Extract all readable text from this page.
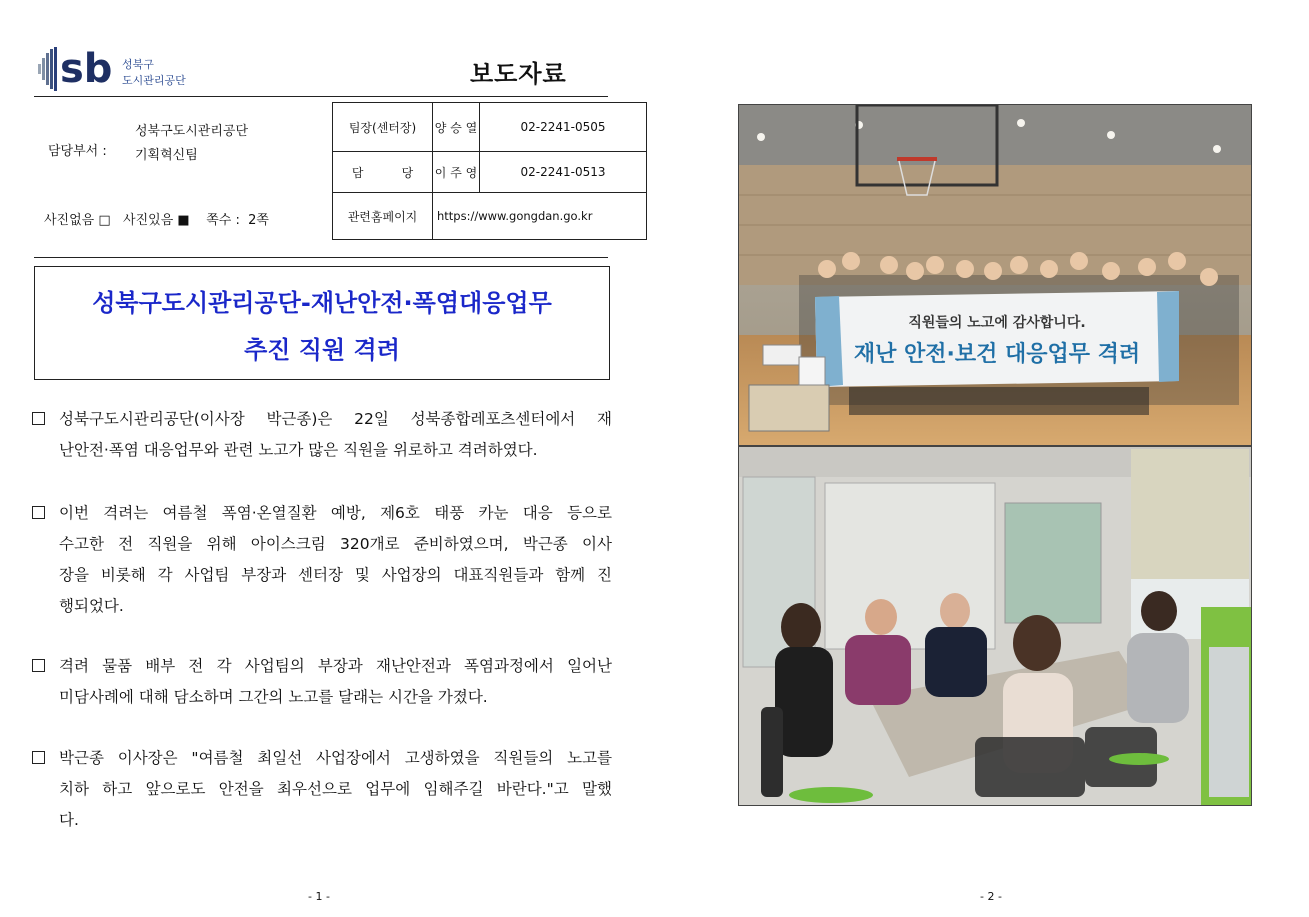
sb 성북구
도시관리공단	보도자료
담당부서 :
성북구도시관리공단
기획혁신팀
사진없음 □   사진있음 ■    쪽수 :  2쪽
팀장(센터장)	양 승 열	02-2241-0505
담          당	이 주 영	02-2241-0513
관련홈페이지	https://www.gongdan.go.kr	
성북구도시관리공단-재난안전·폭염대응업무
추진 직원 격려
성북구도시관리공단(이사장 박근종)은 22일 성북종합레포츠센터에서 재
난안전·폭염 대응업무와 관련 노고가 많은 직원을 위로하고 격려하였다.
이번 격려는 여름철 폭염·온열질환 예방, 제6호 태풍 카눈 대응 등으로
수고한 전 직원을 위해 아이스크림 320개로 준비하였으며, 박근종 이사
장을 비롯해 각 사업팀 부장과 센터장 및 사업장의 대표직원들과 함께 진
행되었다.
격려 물품 배부 전 각 사업팀의 부장과 재난안전과 폭염과정에서 일어난
미담사례에 대해 담소하며 그간의 노고를 달래는 시간을 가졌다.
박근종 이사장은 "여름철 최일선 사업장에서 고생하였을 직원들의 노고를
치하 하고 앞으로도 안전을 최우선으로 업무에 임해주길 바란다."고 말했
다.
- 1 -
직원들의 노고에 감사합니다.
재난 안전·보건 대응업무 격려
- 2 -
